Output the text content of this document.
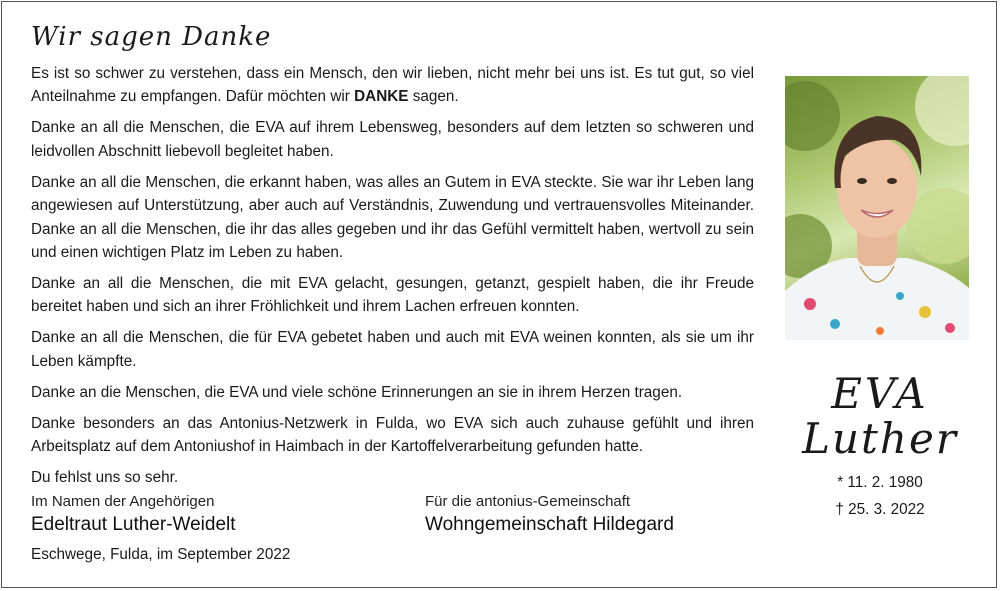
Wir sagen Danke

Es ist so schwer zu verstehen, dass ein Mensch, den wir lieben, nicht mehr bei uns ist. Es tut gut, so viel Anteilnahme zu empfangen. Dafür möchten wir DANKE sagen.

Danke an all die Menschen, die EVA auf ihrem Lebensweg, besonders auf dem letzten so schweren und leidvollen Abschnitt liebevoll begleitet haben.

Danke an all die Menschen, die erkannt haben, was alles an Gutem in EVA steckte. Sie war ihr Leben lang angewiesen auf Unterstützung, aber auch auf Verständnis, Zuwendung und vertrauensvolles Miteinander. Danke an all die Menschen, die ihr das alles gegeben und ihr das Gefühl vermittelt haben, wertvoll zu sein und einen wichtigen Platz im Leben zu haben.

Danke an all die Menschen, die mit EVA gelacht, gesungen, getanzt, gespielt haben, die ihr Freude bereitet haben und sich an ihrer Fröhlichkeit und ihrem Lachen erfreuen konnten.

Danke an all die Menschen, die für EVA gebetet haben und auch mit EVA weinen konnten, als sie um ihr Leben kämpfte.

Danke an die Menschen, die EVA und viele schöne Erinnerungen an sie in ihrem Herzen tragen.

Danke besonders an das Antonius-Netzwerk in Fulda, wo EVA sich auch zuhause gefühlt und ihren Arbeitsplatz auf dem Antoniushof in Haimbach in der Kartoffelverarbeitung gefunden hatte.

Du fehlst uns so sehr.

Im Namen der Angehörigen
Edeltraut Luther-Weidelt
Für die antonius-Gemeinschaft
Wohngemeinschaft Hildegard
Eschwege, Fulda, im September 2022
EVA
Luther
* 11. 2. 1980
† 25. 3. 2022
